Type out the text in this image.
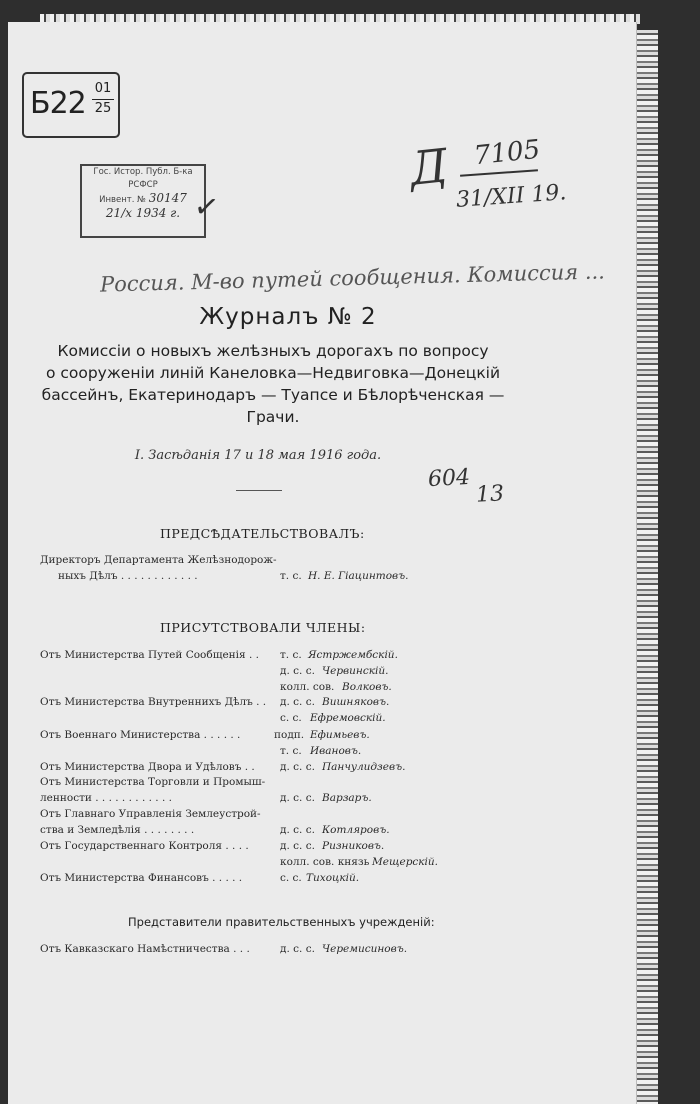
Б22 01
25
Гос. Истор. Публ. Б-ка
РСФСР
Инвент. № 30147
21/х 1934 г. ✓
Д 7105
31/XII 19.
Россия. М-во путей сообщения. Комиссия ...
Журналъ № 2
Комиссіи о новыхъ желѣзныхъ дорогахъ по вопросу
о сооруженіи линій Канеловка—Недвиговка—Донецкій
бассейнъ, Екатеринодаръ — Туапсе и Бѣлорѣченская —
Грачи.
I. Засѣданія 17 и 18 мая 1916 года.
604
13
ПРЕДСѢДАТЕЛЬСТВОВАЛЪ:
Директоръ Департамента Желѣзнодорож-
ныхъ Дѣлъ . . . . . . . . . . . .	т. с. Н. Е. Гіацинтовъ.
ПРИСУТСТВОВАЛИ ЧЛЕНЫ:
Отъ Министерства Путей Сообщенія . . т. с. Ястржембскій.
д. с. с. Червинскій.
колл. сов. Волковъ.
Отъ Министерства Внутреннихъ Дѣлъ . . д. с. с. Вишняковъ.
с. с. Ефремовскій.
Отъ Военнаго Министерства . . . . . .	подп. Ефимьевъ.
т. с. Ивановъ.
Отъ Министерства Двора и Удѣловъ . . д. с. с. Панчулидзевъ.
Отъ Министерства Торговли и Промыш-
ленности . . . . . . . . . . . .	д. с. с. Варзаръ.
Отъ Главнаго Управленія Землеустрой-
ства и Земледѣлія . . . . . . . .	д. с. с. Котляровъ.
Отъ Государственнаго Контроля . . . .	д. с. с. Ризниковъ.
колл. сов. князь Мещерскій.
Отъ Министерства Финансовъ . . . . .	с. с. Тихоцкій.
Представители правительственныхъ учрежденій:
Отъ Кавказскаго Намѣстничества . . .	д. с. с. Черемисиновъ.
